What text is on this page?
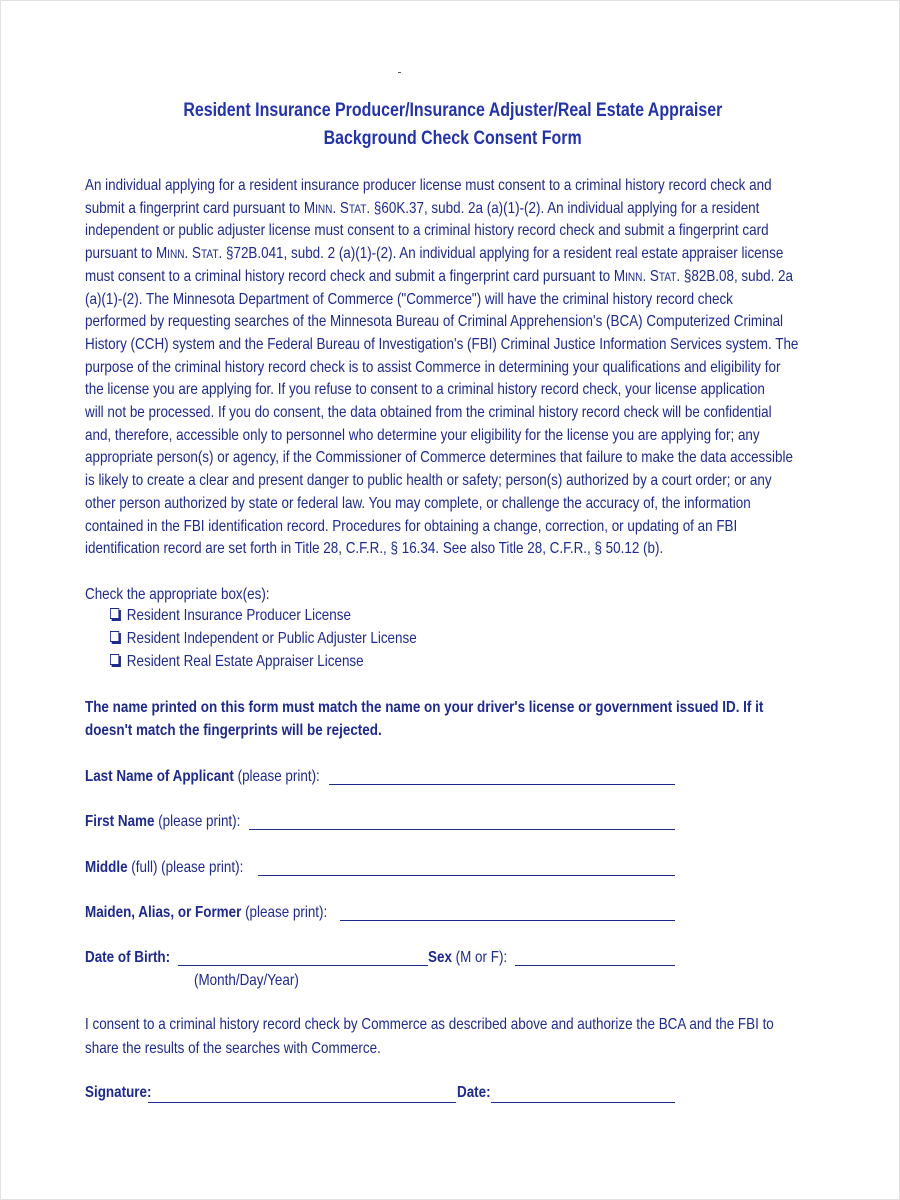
Resident Insurance Producer/Insurance Adjuster/Real Estate Appraiser
Background Check Consent Form
An individual applying for a resident insurance producer license must consent to a criminal history record check and
submit a fingerprint card pursuant to MINN. STAT. §60K.37, subd. 2a (a)(1)-(2). An individual applying for a resident
independent or public adjuster license must consent to a criminal history record check and submit a fingerprint card
pursuant to MINN. STAT. §72B.041, subd. 2 (a)(1)-(2). An individual applying for a resident real estate appraiser license
must consent to a criminal history record check and submit a fingerprint card pursuant to MINN. STAT. §82B.08, subd. 2a
(a)(1)-(2). The Minnesota Department of Commerce ("Commerce") will have the criminal history record check
performed by requesting searches of the Minnesota Bureau of Criminal Apprehension's (BCA) Computerized Criminal
History (CCH) system and the Federal Bureau of Investigation's (FBI) Criminal Justice Information Services system. The
purpose of the criminal history record check is to assist Commerce in determining your qualifications and eligibility for
the license you are applying for. If you refuse to consent to a criminal history record check, your license application
will not be processed. If you do consent, the data obtained from the criminal history record check will be confidential
and, therefore, accessible only to personnel who determine your eligibility for the license you are applying for; any
appropriate person(s) or agency, if the Commissioner of Commerce determines that failure to make the data accessible
is likely to create a clear and present danger to public health or safety; person(s) authorized by a court order; or any
other person authorized by state or federal law. You may complete, or challenge the accuracy of, the information
contained in the FBI identification record. Procedures for obtaining a change, correction, or updating of an FBI
identification record are set forth in Title 28, C.F.R., § 16.34. See also Title 28, C.F.R., § 50.12 (b).
Check the appropriate box(es):
Resident Insurance Producer License
Resident Independent or Public Adjuster License
Resident Real Estate Appraiser License
The name printed on this form must match the name on your driver's license or government issued ID. If it
doesn't match the fingerprints will be rejected.
Last Name of Applicant (please print):
First Name (please print):
Middle (full) (please print):
Maiden, Alias, or Former (please print):
Date of Birth:
(Month/Day/Year)
Sex (M or F):
I consent to a criminal history record check by Commerce as described above and authorize the BCA and the FBI to
share the results of the searches with Commerce.
Signature:	Date:
